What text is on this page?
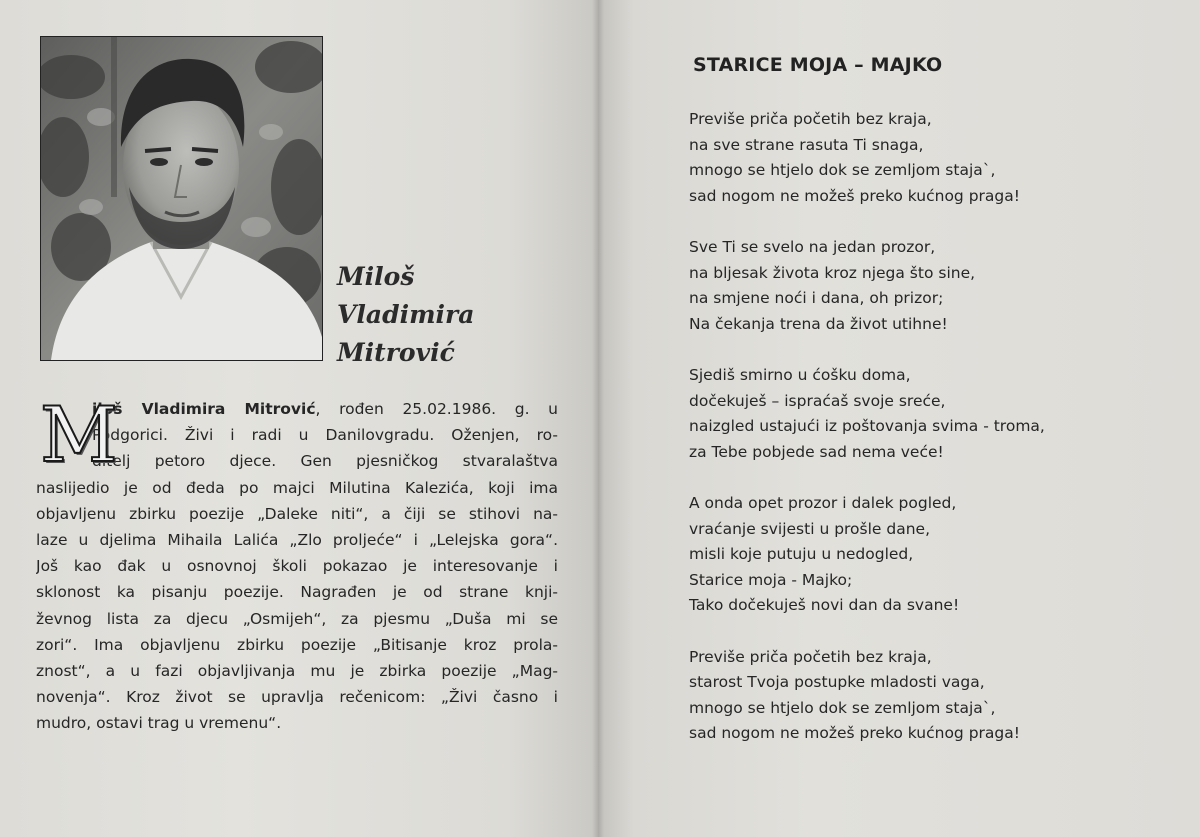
Miloš
Vladimira
Mitrović
M
iloš Vladimira Mitrović, rođen 25.02.1986. g. u
Podgorici. Živi i radi u Danilovgradu. Oženjen, ro-
ditelj petoro djece. Gen pjesničkog stvaralaštva
naslijedio je od đeda po majci Milutina Kalezića, koji ima
objavljenu zbirku poezije „Daleke niti“, a čiji se stihovi na-
laze u djelima Mihaila Lalića „Zlo proljeće“ i „Lelejska gora“.
Još kao đak u osnovnoj školi pokazao je interesovanje i
sklonost ka pisanju poezije. Nagrađen je od strane knji-
ževnog lista za djecu „Osmijeh“, za pjesmu „Duša mi se
zori“. Ima objavljenu zbirku poezije „Bitisanje kroz prola-
znost“, a u fazi objavljivanja mu je zbirka poezije „Mag-
novenja“. Kroz život se upravlja rečenicom: „Živi časno i
mudro, ostavi trag u vremenu“.
STARICE MOJA – MAJKO
Previše priča početih bez kraja,
na sve strane rasuta Ti snaga,
mnogo se htjelo dok se zemljom staja`,
sad nogom ne možeš preko kućnog praga!
Sve Ti se svelo na jedan prozor,
na bljesak života kroz njega što sine,
na smjene noći i dana, oh prizor;
Na čekanja trena da život utihne!
Sjediš smirno u ćošku doma,
dočekuješ – ispraćaš svoje sreće,
naizgled ustajući iz poštovanja svima - troma,
za Tebe pobjede sad nema veće!
A onda opet prozor i dalek pogled,
vraćanje svijesti u prošle dane,
misli koje putuju u nedogled,
Starice moja - Majko;
Tako dočekuješ novi dan da svane!
Previše priča početih bez kraja,
starost Tvoja postupke mladosti vaga,
mnogo se htjelo dok se zemljom staja`,
sad nogom ne možeš preko kućnog praga!
